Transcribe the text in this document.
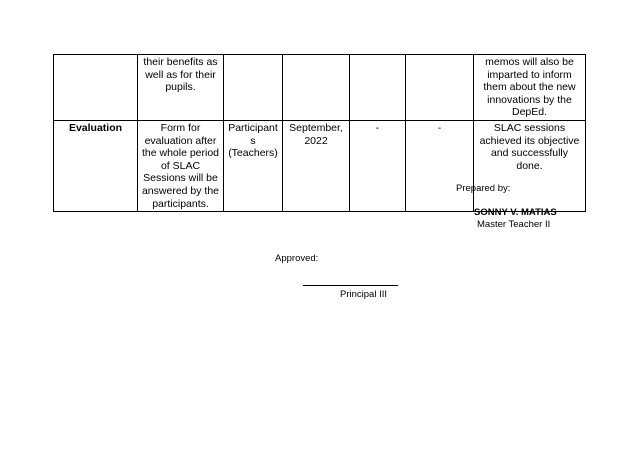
	their benefits as well as for their pupils.					memos will also be imparted to inform them about the new innovations by the DepEd.
Evaluation	Form for evaluation after the whole period of SLAC Sessions will be answered by the participants.	Participants (Teachers)	September, 2022	-	-	SLAC sessions achieved its objective and successfully done.
Prepared by:
SONNY V. MATIAS
Master Teacher II
Approved:
Principal III
